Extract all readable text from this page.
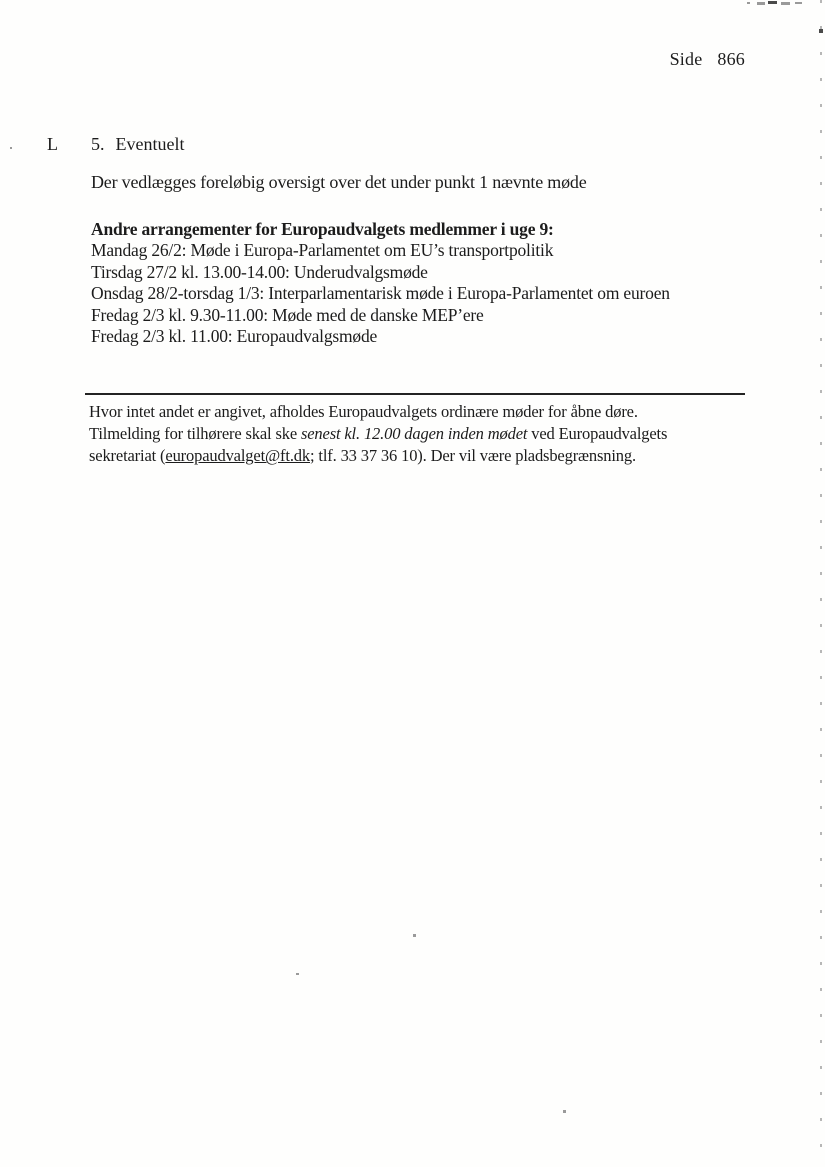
Side 866
L 5. Eventuelt
Der vedlægges foreløbig oversigt over det under punkt 1 nævnte møde
Andre arrangementer for Europaudvalgets medlemmer i uge 9:
Mandag 26/2: Møde i Europa-Parlamentet om EU’s transportpolitik
Tirsdag 27/2 kl. 13.00-14.00: Underudvalgsmøde
Onsdag 28/2-torsdag 1/3: Interparlamentarisk møde i Europa-Parlamentet om euroen
Fredag 2/3 kl. 9.30-11.00: Møde med de danske MEP’ere
Fredag 2/3 kl. 11.00: Europaudvalgsmøde
Hvor intet andet er angivet, afholdes Europaudvalgets ordinære møder for åbne døre.
Tilmelding for tilhørere skal ske senest kl. 12.00 dagen inden mødet ved Europaudvalgets
sekretariat (europaudvalget@ft.dk; tlf. 33 37 36 10). Der vil være pladsbegrænsning.
